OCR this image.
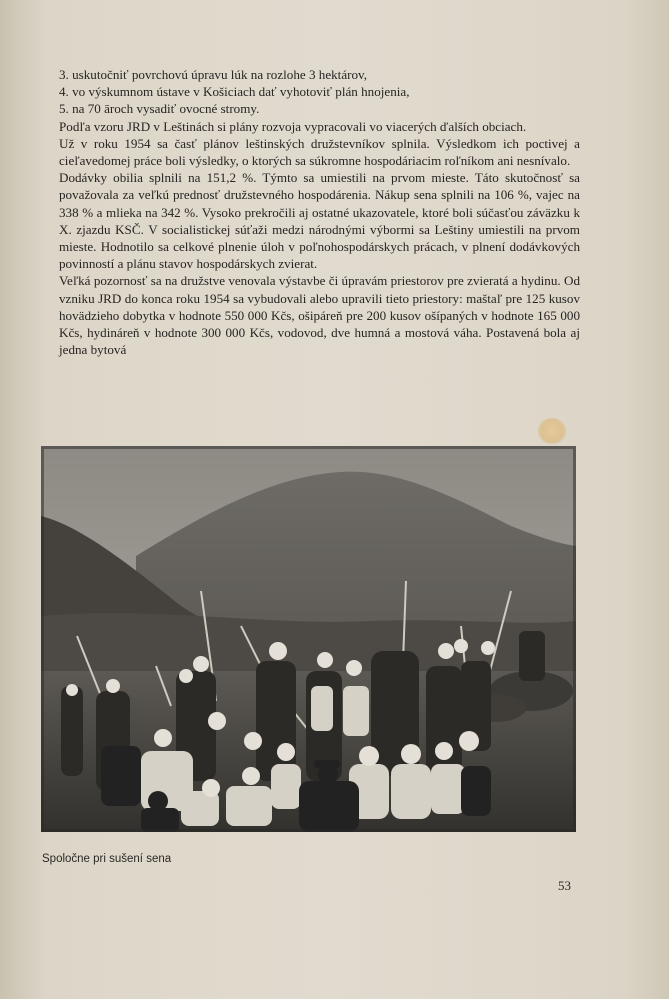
3. uskutočniť povrchovú úpravu lúk na rozlohe 3 hektárov,

4. vo výskumnom ústave v Košiciach dať vyhotoviť plán hnojenia,

5. na 70 āroch vysadiť ovocné stromy.

Podľa vzoru JRD v Leštinách si plány rozvoja vypracovali vo viacerých ďalších obciach.

Už v roku 1954 sa časť plánov leštinských družstevníkov splnila. Výsledkom ich poctivej a cieľavedomej práce boli výsledky, o ktorých sa súkromne hospodáriacim roľníkom ani nesnívalo.

Dodávky obilia splnili na 151,2 %. Týmto sa umiestili na prvom mieste. Táto skutočnosť sa považovala za veľkú prednosť družstevného hospodárenia. Nákup sena splnili na 106 %, vajec na 338 % a mlieka na 342 %. Vysoko prekročili aj ostatné ukazovatele, ktoré boli súčasťou záväzku k X. zjazdu KSČ. V socialistickej súťaži medzi národnými výbormi sa Leštiny umiestili na prvom mieste. Hodnotilo sa celkové plnenie úloh v poľnohospodárskych prácach, v plnení dodávkových povinností a plánu stavov hospodárskych zvierat.

Veľká pozornosť sa na družstve venovala výstavbe či úpravám priestorov pre zvieratá a hydinu. Od vzniku JRD do konca roku 1954 sa vybudovali alebo upravili tieto priestory: maštaľ pre 125 kusov hovädzieho dobytka v hodnote 550 000 Kčs, ošipáreň pre 200 kusov ošípaných v hodnote 165 000 Kčs, hydináreň v hodnote 300 000 Kčs, vodovod, dve humná a mostová váha. Postavená bola aj jedna bytová

Spoločne pri sušení sena
53
